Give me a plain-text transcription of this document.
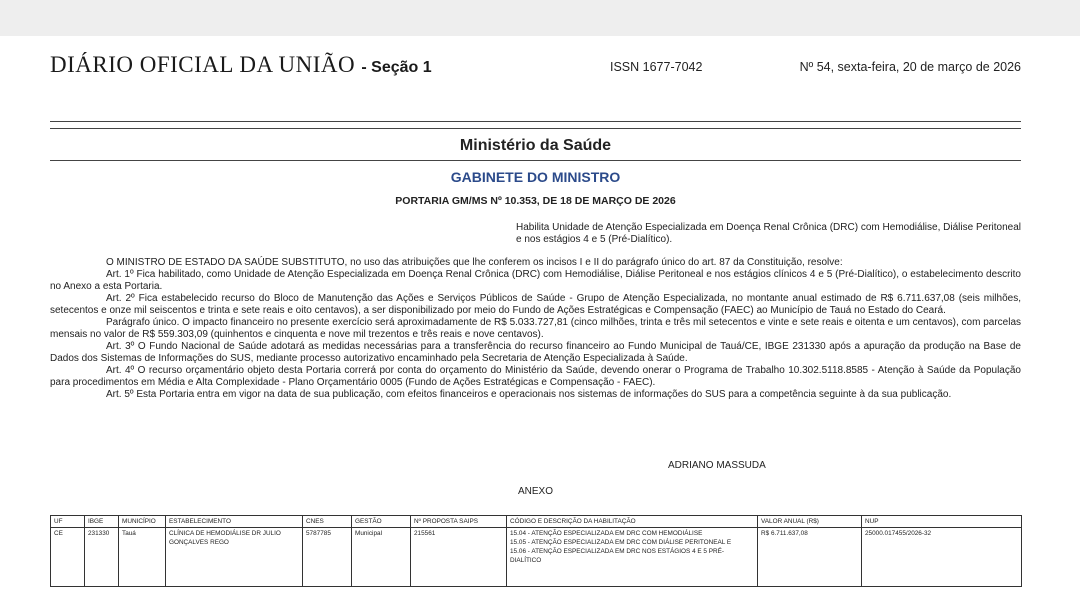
DIÁRIO OFICIAL DA UNIÃO - Seção 1	ISSN 1677-7042	Nº 54, sexta-feira, 20 de março de 2026
Ministério da Saúde
GABINETE DO MINISTRO
PORTARIA GM/MS Nº 10.353, DE 18 DE MARÇO DE 2026
Habilita Unidade de Atenção Especializada em Doença Renal Crônica (DRC) com Hemodiálise, Diálise Peritoneal e nos estágios 4 e 5 (Pré-Dialítico).

O MINISTRO DE ESTADO DA SAÚDE SUBSTITUTO, no uso das atribuições que lhe conferem os incisos I e II do parágrafo único do art. 87 da Constituição, resolve:

Art. 1º Fica habilitado, como Unidade de Atenção Especializada em Doença Renal Crônica (DRC) com Hemodiálise, Diálise Peritoneal e nos estágios clínicos 4 e 5 (Pré-Dialítico), o estabelecimento descrito no Anexo a esta Portaria.

Art. 2º Fica estabelecido recurso do Bloco de Manutenção das Ações e Serviços Públicos de Saúde - Grupo de Atenção Especializada, no montante anual estimado de R$ 6.711.637,08 (seis milhões, setecentos e onze mil seiscentos e trinta e sete reais e oito centavos), a ser disponibilizado por meio do Fundo de Ações Estratégicas e Compensação (FAEC) ao Município de Tauá no Estado do Ceará.

Parágrafo único. O impacto financeiro no presente exercício será aproximadamente de R$ 5.033.727,81 (cinco milhões, trinta e três mil setecentos e vinte e sete reais e oitenta e um centavos), com parcelas mensais no valor de R$ 559.303,09 (quinhentos e cinquenta e nove mil trezentos e três reais e nove centavos).

Art. 3º O Fundo Nacional de Saúde adotará as medidas necessárias para a transferência do recurso financeiro ao Fundo Municipal de Tauá/CE, IBGE 231330 após a apuração da produção na Base de Dados dos Sistemas de Informações do SUS, mediante processo autorizativo encaminhado pela Secretaria de Atenção Especializada à Saúde.

Art. 4º O recurso orçamentário objeto desta Portaria correrá por conta do orçamento do Ministério da Saúde, devendo onerar o Programa de Trabalho 10.302.5118.8585 - Atenção à Saúde da População para procedimentos em Média e Alta Complexidade - Plano Orçamentário 0005 (Fundo de Ações Estratégicas e Compensação - FAEC).

Art. 5º Esta Portaria entra em vigor na data de sua publicação, com efeitos financeiros e operacionais nos sistemas de informações do SUS para a competência seguinte à da sua publicação.

ADRIANO MASSUDA
ANEXO
UF	IBGE	MUNICÍPIO	ESTABELECIMENTO	CNES	GESTÃO	Nº PROPOSTA SAIPS	CÓDIGO E DESCRIÇÃO DA HABILITAÇÃO	VALOR ANUAL (R$)	NUP
CE	231330	Tauá	CLÍNICA DE HEMODIÁLISE DR JULIO GONÇALVES REGO	5787785	Municipal	215561	15.04 - ATENÇÃO ESPECIALIZADA EM DRC COM HEMODIÁLISE
15.05 - ATENÇÃO ESPECIALIZADA EM DRC COM DIÁLISE PERITONEAL E
15.06 - ATENÇÃO ESPECIALIZADA EM DRC NOS ESTÁGIOS 4 E 5 PRÉ-DIALÍTICO	R$ 6.711.637,08	25000.017455/2026-32
